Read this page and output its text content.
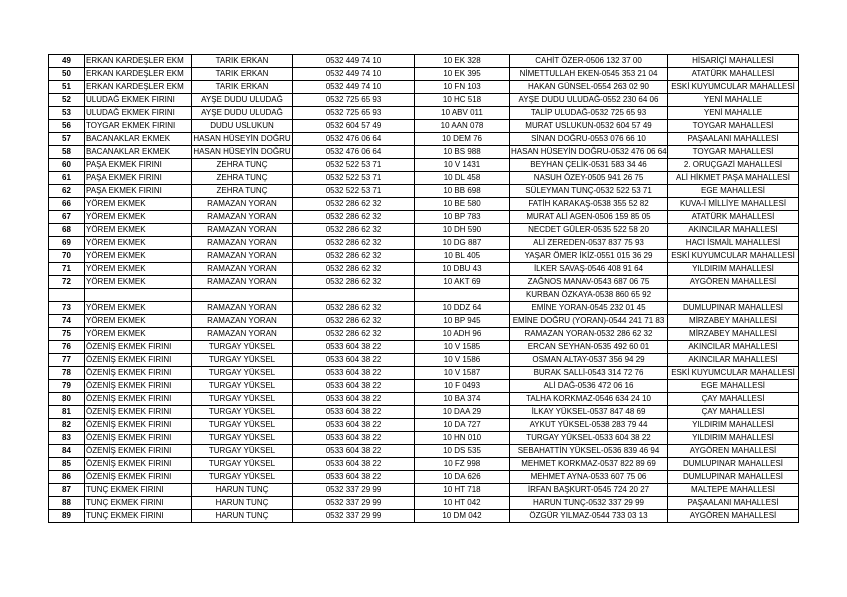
49	ERKAN KARDEŞLER EKM	TARIK ERKAN	0532 449 74 10	10 EK 328	CAHİT ÖZER-0506 132 37 00	HİSARİÇİ MAHALLESİ
50	ERKAN KARDEŞLER EKM	TARIK ERKAN	0532 449 74 10	10 EK 395	NİMETTULLAH EKEN-0545 353 21 04	ATATÜRK MAHALLESİ
51	ERKAN KARDEŞLER EKM	TARIK ERKAN	0532 449 74 10	10 FN 103	HAKAN GÜNSEL-0554 263 02 90	ESKİ KUYUMCULAR MAHALLESİ
52	ULUDAĞ EKMEK FIRINI	AYŞE DUDU ULUDAĞ	0532 725 65 93	10 HC 518	AYŞE DUDU ULUDAĞ-0552 230 64 06	YENİ MAHALLE
53	ULUDAĞ EKMEK FIRINI	AYŞE DUDU ULUDAĞ	0532 725 65 93	10 ABV 011	TALİP ULUDAĞ-0532 725 65 93	YENİ MAHALLE
56	TOYGAR EKMEK FIRINI	DUDU USLUKUN	0532 604 57 49	10 AAN 078	MURAT USLUKUN-0532 604 57 49	TOYGAR MAHALLESİ
57	BACANAKLAR EKMEK	HASAN HÜSEYİN DOĞRU	0532 476 06 64	10 DEM 76	SİNAN DOĞRU-0553 076 66 10	PAŞAALANI MAHALLESİ
58	BACANAKLAR EKMEK	HASAN HÜSEYİN DOĞRU	0532 476 06 64	10 BS 988	HASAN HÜSEYİN DOĞRU-0532 476 06 64	TOYGAR MAHALLESİ
60	PAŞA EKMEK FIRINI	ZEHRA TUNÇ	0532 522 53 71	10 V 1431	BEYHAN ÇELİK-0531 583 34 46	2. ORUÇGAZİ MAHALLESİ
61	PAŞA EKMEK FIRINI	ZEHRA TUNÇ	0532 522 53 71	10 DL 458	NASUH ÖZEY-0505 941 26 75	ALİ HİKMET PAŞA MAHALLESİ
62	PAŞA EKMEK FIRINI	ZEHRA TUNÇ	0532 522 53 71	10 BB 698	SÜLEYMAN TUNÇ-0532 522 53 71	EGE MAHALLESİ
66	YÖREM EKMEK	RAMAZAN YORAN	0532 286 62 32	10 BE 580	FATİH KARAKAŞ-0538 355 52 82	KUVA-İ MİLLİYE MAHALLESİ
67	YÖREM EKMEK	RAMAZAN YORAN	0532 286 62 32	10 BP 783	MURAT ALİ AGEN-0506 159 85 05	ATATÜRK MAHALLESİ
68	YÖREM EKMEK	RAMAZAN YORAN	0532 286 62 32	10 DH 590	NECDET GÜLER-0535 522 58 20	AKINCILAR MAHALLESİ
69	YÖREM EKMEK	RAMAZAN YORAN	0532 286 62 32	10 DG 887	ALİ ZEREDEN-0537 837 75 93	HACI İSMAİL MAHALLESİ
70	YÖREM EKMEK	RAMAZAN YORAN	0532 286 62 32	10 BL 405	YAŞAR ÖMER İKİZ-0551 015 36 29	ESKİ KUYUMCULAR MAHALLESİ
71	YÖREM EKMEK	RAMAZAN YORAN	0532 286 62 32	10 DBU 43	İLKER SAVAŞ-0546 408 91 64	YILDIRIM MAHALLESİ
72	YÖREM EKMEK	RAMAZAN YORAN	0532 286 62 32	10 AKT 69	ZAĞNOS MANAV-0543 687 06 75	AYGÖREN MAHALLESİ
					KURBAN ÖZKAYA-0538 860 65 92	
73	YÖREM EKMEK	RAMAZAN YORAN	0532 286 62 32	10 DDZ 64	EMİNE YORAN-0545 232 01 45	DUMLUPINAR MAHALLESİ
74	YÖREM EKMEK	RAMAZAN YORAN	0532 286 62 32	10 BP 945	EMİNE DOĞRU (YORAN)-0544 241 71 83	MİRZABEY MAHALLESİ
75	YÖREM EKMEK	RAMAZAN YORAN	0532 286 62 32	10 ADH 96	RAMAZAN YORAN-0532 286 62 32	MİRZABEY MAHALLESİ
76	ÖZENİŞ EKMEK FIRINI	TURGAY YÜKSEL	0533 604 38 22	10 V 1585	ERCAN SEYHAN-0535 492 60 01	AKINCILAR MAHALLESİ
77	ÖZENİŞ EKMEK FIRINI	TURGAY YÜKSEL	0533 604 38 22	10 V 1586	OSMAN ALTAY-0537 356 94 29	AKINCILAR MAHALLESİ
78	ÖZENİŞ EKMEK FIRINI	TURGAY YÜKSEL	0533 604 38 22	10 V 1587	BURAK SALLİ-0543 314 72 76	ESKİ KUYUMCULAR MAHALLESİ
79	ÖZENİŞ EKMEK FIRINI	TURGAY YÜKSEL	0533 604 38 22	10 F 0493	ALİ DAĞ-0536 472 06 16	EGE MAHALLESİ
80	ÖZENİŞ EKMEK FIRINI	TURGAY YÜKSEL	0533 604 38 22	10 BA 374	TALHA KORKMAZ-0546 634 24 10	ÇAY MAHALLESİ
81	ÖZENİŞ EKMEK FIRINI	TURGAY YÜKSEL	0533 604 38 22	10 DAA 29	İLKAY YÜKSEL-0537 847 48 69	ÇAY MAHALLESİ
82	ÖZENİŞ EKMEK FIRINI	TURGAY YÜKSEL	0533 604 38 22	10 DA 727	AYKUT YÜKSEL-0538 283 79 44	YILDIRIM MAHALLESİ
83	ÖZENİŞ EKMEK FIRINI	TURGAY YÜKSEL	0533 604 38 22	10 HN 010	TURGAY YÜKSEL-0533 604 38 22	YILDIRIM MAHALLESİ
84	ÖZENİŞ EKMEK FIRINI	TURGAY YÜKSEL	0533 604 38 22	10 DS 535	SEBAHATTİN YÜKSEL-0536 839 46 94	AYGÖREN MAHALLESİ
85	ÖZENİŞ EKMEK FIRINI	TURGAY YÜKSEL	0533 604 38 22	10 FZ 998	MEHMET KORKMAZ-0537 822 89 69	DUMLUPINAR MAHALLESİ
86	ÖZENİŞ EKMEK FIRINI	TURGAY YÜKSEL	0533 604 38 22	10 DA 626	MEHMET AYNA-0533 607 75 06	DUMLUPINAR MAHALLESİ
87	TUNÇ EKMEK FIRINI	HARUN TUNÇ	0532 337 29 99	10 HT 718	İRFAN BAŞKURT-0545 724 20 27	MALTEPE MAHALLESİ
88	TUNÇ EKMEK FIRINI	HARUN TUNÇ	0532 337 29 99	10 HT 042	HARUN TUNÇ-0532 337 29 99	PAŞAALANI MAHALLESİ
89	TUNÇ EKMEK FIRINI	HARUN TUNÇ	0532 337 29 99	10 DM 042	ÖZGÜR YILMAZ-0544 733 03 13	AYGÖREN MAHALLESİ
